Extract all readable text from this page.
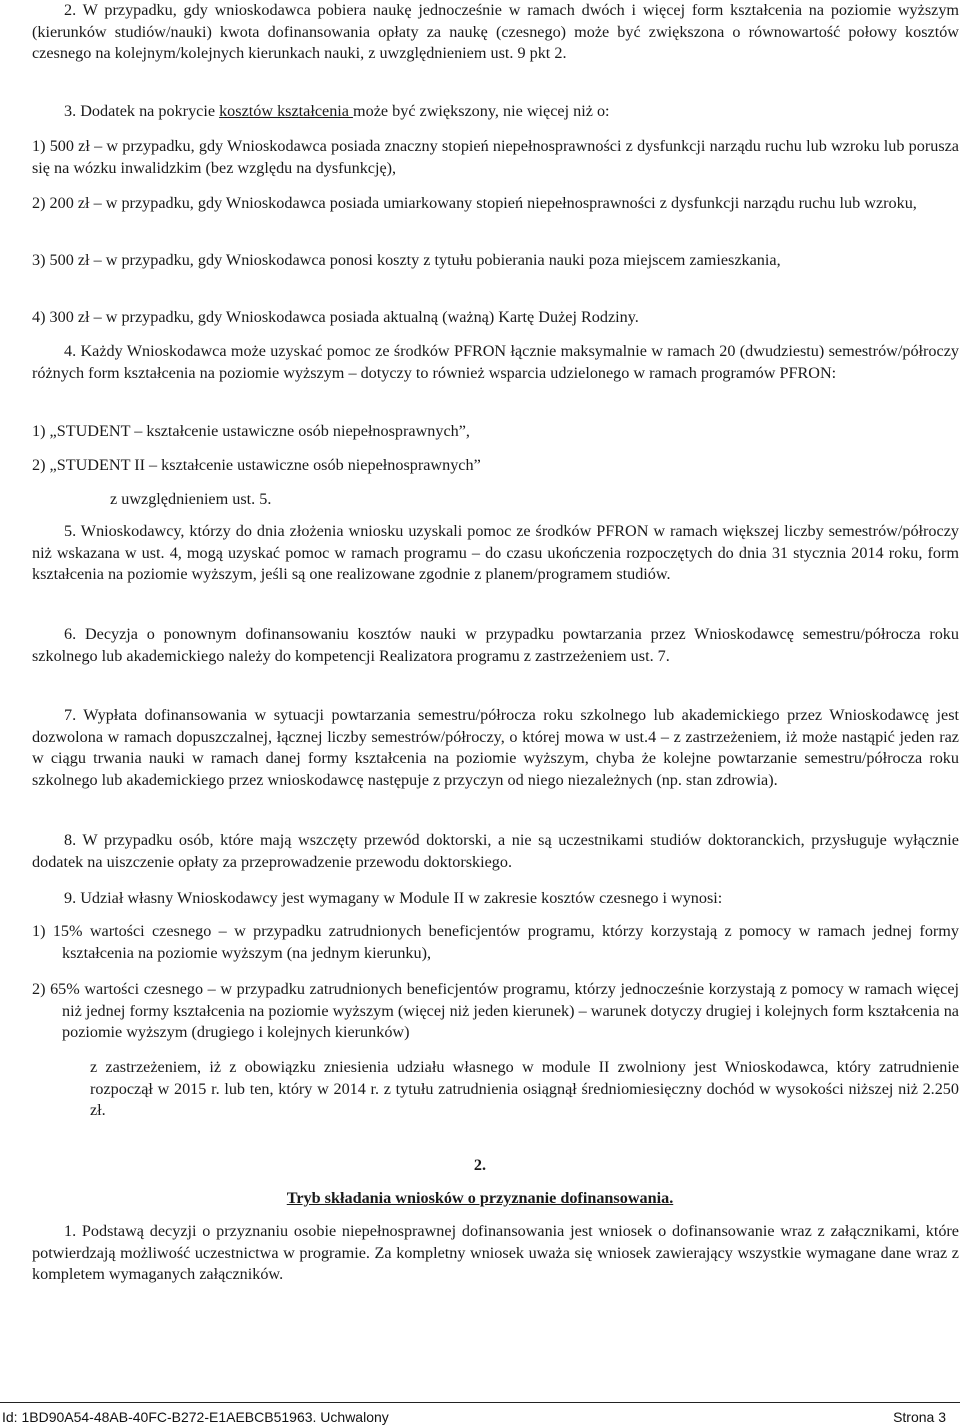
2. W przypadku, gdy wnioskodawca pobiera naukę jednocześnie w ramach dwóch i więcej form kształcenia na poziomie wyższym (kierunków studiów/nauki) kwota dofinansowania opłaty za naukę (czesnego) może być zwiększona o równowartość połowy kosztów czesnego na kolejnym/kolejnych kierunkach nauki, z uwzględnieniem ust. 9 pkt 2.

3. Dodatek na pokrycie kosztów kształcenia może być zwiększony, nie więcej niż o:

1) 500 zł – w przypadku, gdy Wnioskodawca posiada znaczny stopień niepełnosprawności z dysfunkcji narządu ruchu lub wzroku lub porusza się na wózku inwalidzkim (bez względu na dysfunkcję),

2) 200 zł – w przypadku, gdy Wnioskodawca posiada umiarkowany stopień niepełnosprawności z dysfunkcji narządu ruchu lub wzroku,

3) 500 zł – w przypadku, gdy Wnioskodawca ponosi koszty z tytułu pobierania nauki poza miejscem zamieszkania,

4) 300 zł – w przypadku, gdy Wnioskodawca posiada aktualną (ważną) Kartę Dużej Rodziny.

4. Każdy Wnioskodawca może uzyskać pomoc ze środków PFRON łącznie maksymalnie w ramach 20 (dwudziestu) semestrów/półroczy różnych form kształcenia na poziomie wyższym – dotyczy to również wsparcia udzielonego w ramach programów PFRON:

1) „STUDENT – kształcenie ustawiczne osób niepełnosprawnych”,

2) „STUDENT II – kształcenie ustawiczne osób niepełnosprawnych”

z uwzględnieniem ust. 5.

5. Wnioskodawcy, którzy do dnia złożenia wniosku uzyskali pomoc ze środków PFRON w ramach większej liczby semestrów/półroczy niż wskazana w ust. 4, mogą uzyskać pomoc w ramach programu – do czasu ukończenia rozpoczętych do dnia 31 stycznia 2014 roku, form kształcenia na poziomie wyższym, jeśli są one realizowane zgodnie z planem/programem studiów.

6. Decyzja o ponownym dofinansowaniu kosztów nauki w przypadku powtarzania przez Wnioskodawcę semestru/półrocza roku szkolnego lub akademickiego należy do kompetencji Realizatora programu z zastrzeżeniem ust. 7.

7. Wypłata dofinansowania w sytuacji powtarzania semestru/półrocza roku szkolnego lub akademickiego przez Wnioskodawcę jest dozwolona w ramach dopuszczalnej, łącznej liczby semestrów/półroczy, o której mowa w ust.4 – z zastrzeżeniem, iż może nastąpić jeden raz w ciągu trwania nauki w ramach danej formy kształcenia na poziomie wyższym, chyba że kolejne powtarzanie semestru/półrocza roku szkolnego lub akademickiego przez wnioskodawcę następuje z przyczyn od niego niezależnych (np. stan zdrowia).

8. W przypadku osób, które mają wszczęty przewód doktorski, a nie są uczestnikami studiów doktoranckich, przysługuje wyłącznie dodatek na uiszczenie opłaty za przeprowadzenie przewodu doktorskiego.

9. Udział własny Wnioskodawcy jest wymagany w Module II w zakresie kosztów czesnego i wynosi:

1) 15% wartości czesnego – w przypadku zatrudnionych beneficjentów programu, którzy korzystają z pomocy w ramach jednej formy kształcenia na poziomie wyższym (na jednym kierunku),

2) 65% wartości czesnego – w przypadku zatrudnionych beneficjentów programu, którzy jednocześnie korzystają z pomocy w ramach więcej niż jednej formy kształcenia na poziomie wyższym (więcej niż jeden kierunek) – warunek dotyczy drugiej i kolejnych form kształcenia na poziomie wyższym (drugiego i kolejnych kierunków)

z zastrzeżeniem, iż z obowiązku zniesienia udziału własnego w module II zwolniony jest Wnioskodawca, który zatrudnienie rozpoczął w 2015 r. lub ten, który w 2014 r. z tytułu zatrudnienia osiągnął średniomiesięczny dochód w wysokości niższej niż 2.250 zł.

2.

Tryb składania wniosków o przyznanie dofinansowania.

1. Podstawą decyzji o przyznaniu osobie niepełnosprawnej dofinansowania jest wniosek o dofinansowanie wraz z załącznikami, które potwierdzają możliwość uczestnictwa w programie. Za kompletny wniosek uważa się wniosek zawierający wszystkie wymagane dane wraz z kompletem wymaganych załączników.

Id: 1BD90A54-48AB-40FC-B272-E1AEBCB51963. Uchwalony	Strona 3
